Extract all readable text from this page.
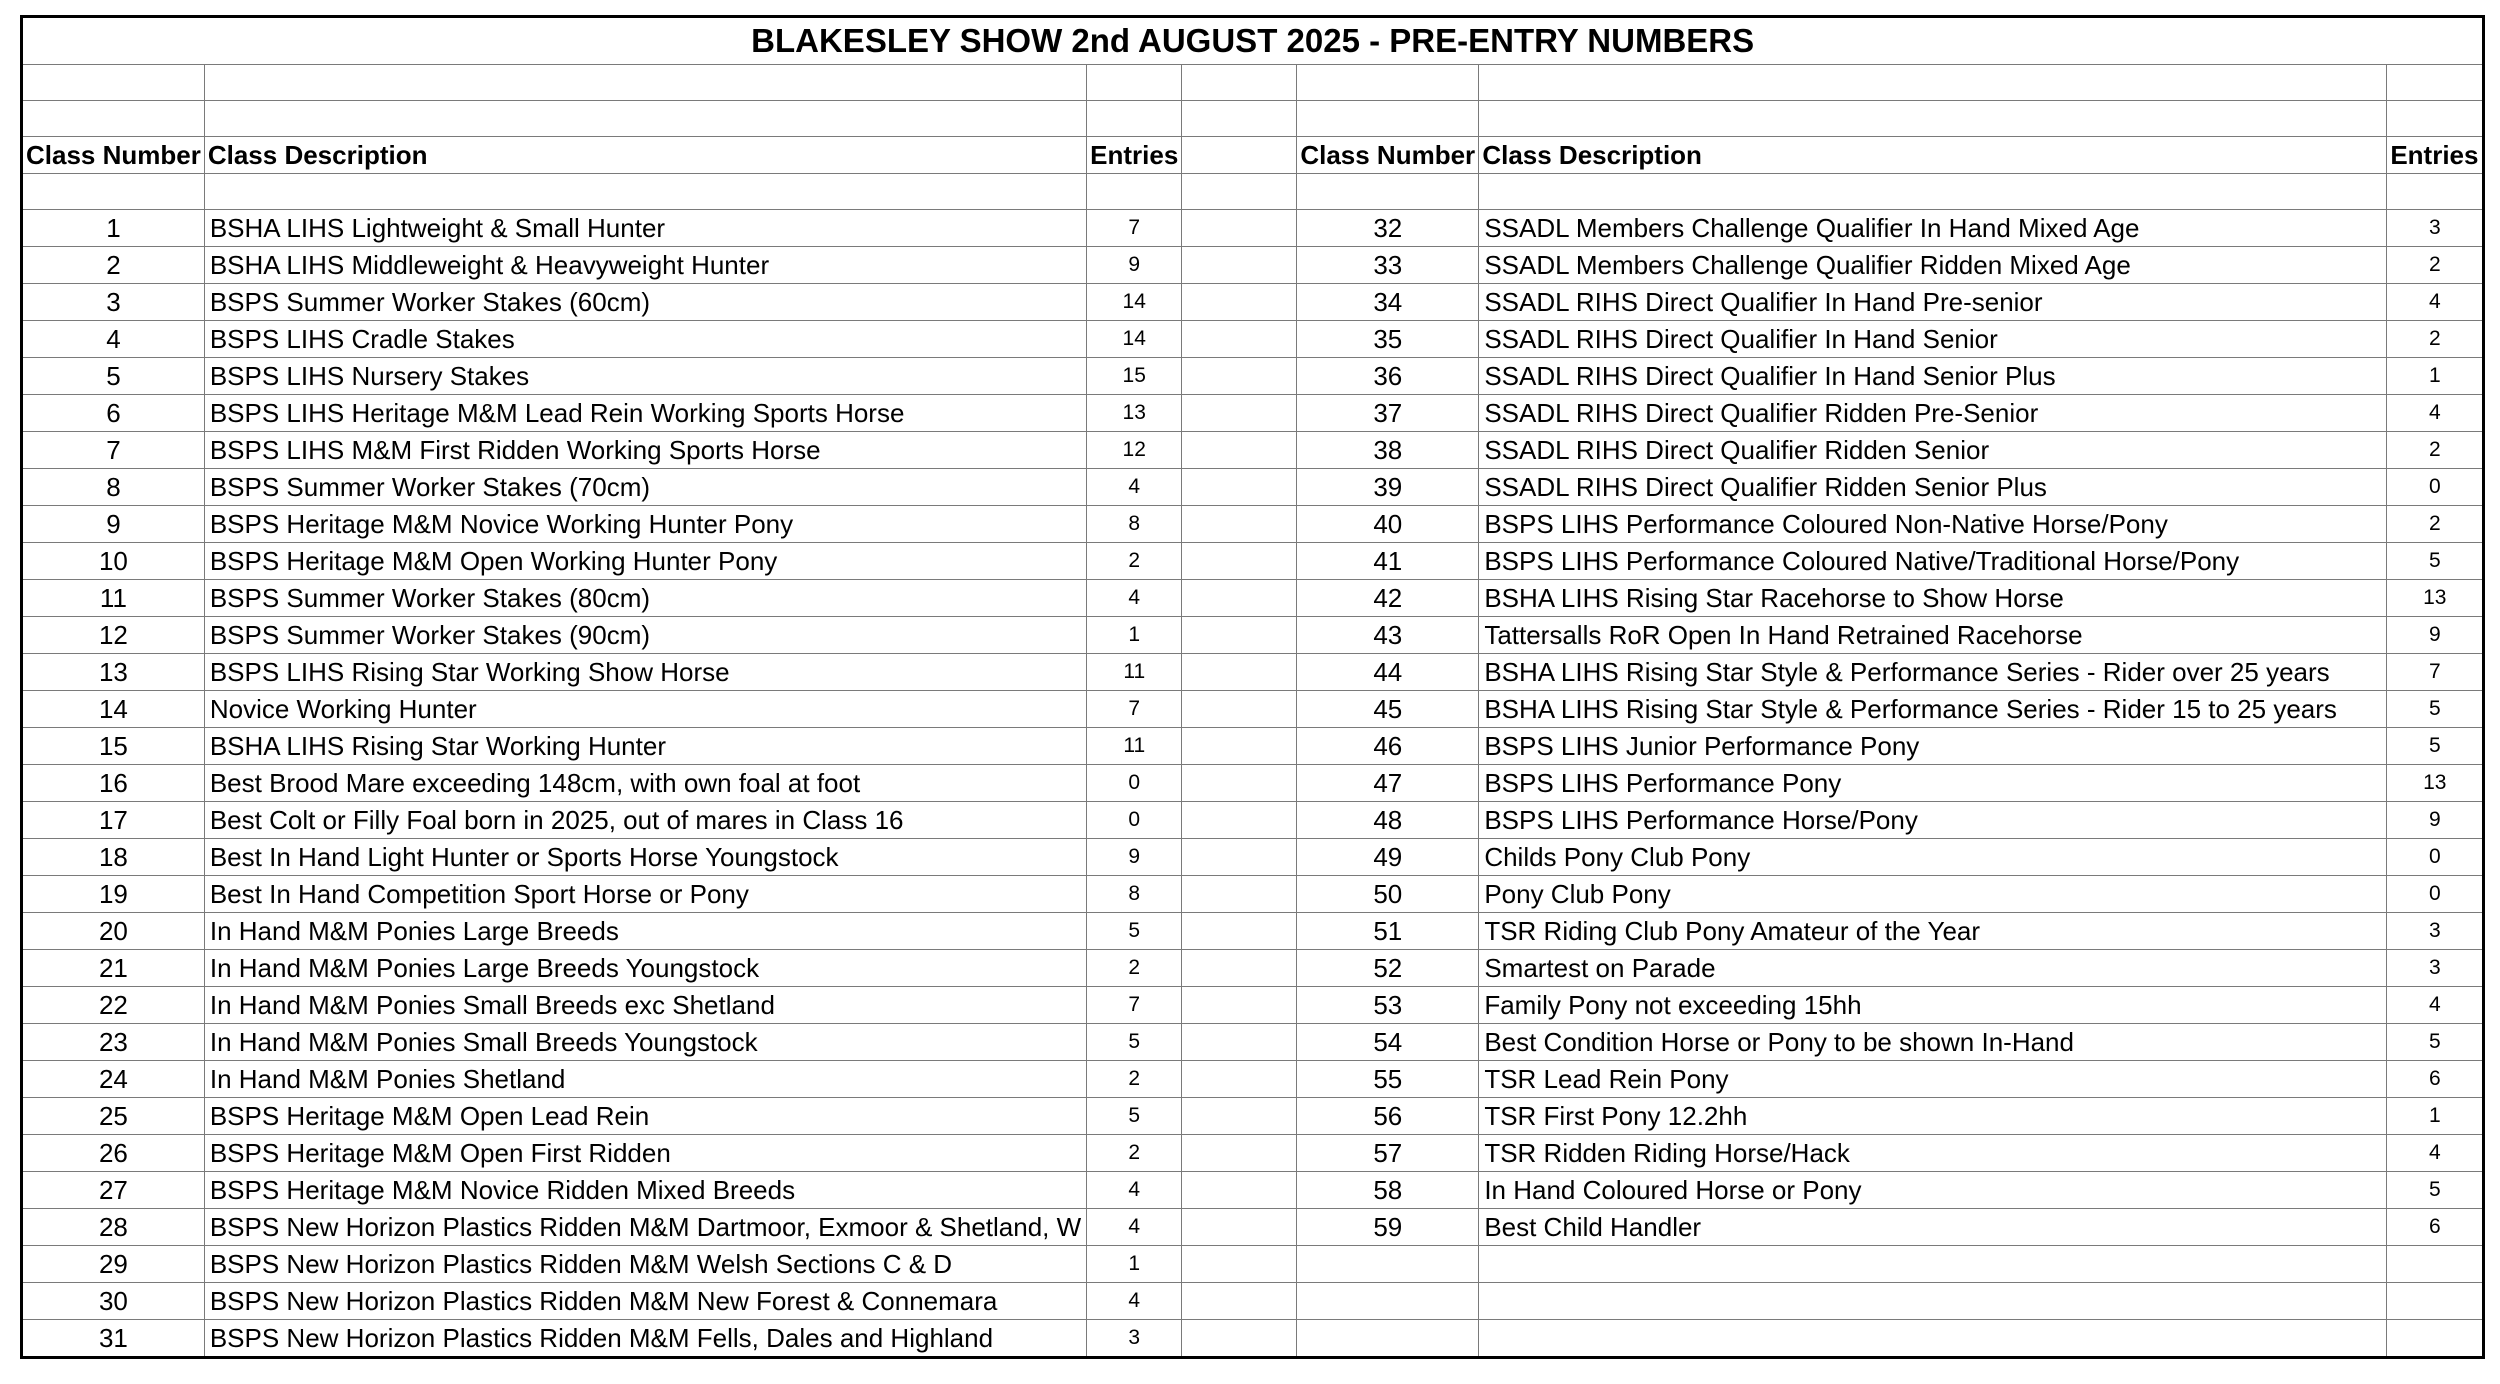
BLAKESLEY SHOW 2nd AUGUST 2025 - PRE-ENTRY NUMBERS						

Class Number	Class Description	Entries		Class Number	Class Description	Entries

1	BSHA LIHS Lightweight & Small Hunter	7		32	SSADL Members Challenge Qualifier In Hand Mixed Age	3
2	BSHA LIHS Middleweight & Heavyweight Hunter	9		33	SSADL Members Challenge Qualifier Ridden Mixed Age	2
3	BSPS Summer Worker Stakes (60cm)	14		34	SSADL RIHS Direct Qualifier In Hand Pre-senior	4
4	BSPS LIHS Cradle Stakes	14		35	SSADL RIHS Direct Qualifier In Hand Senior	2
5	BSPS LIHS Nursery Stakes	15		36	SSADL RIHS Direct Qualifier In Hand Senior Plus	1
6	BSPS LIHS Heritage M&M Lead Rein Working Sports Horse	13		37	SSADL RIHS Direct Qualifier Ridden Pre-Senior	4
7	BSPS LIHS M&M First Ridden Working Sports Horse	12		38	SSADL RIHS Direct Qualifier Ridden Senior	2
8	BSPS Summer Worker Stakes (70cm)	4		39	SSADL RIHS Direct Qualifier Ridden Senior Plus	0
9	BSPS Heritage M&M Novice Working Hunter Pony	8		40	BSPS LIHS Performance Coloured Non-Native Horse/Pony	2
10	BSPS Heritage M&M Open Working Hunter Pony	2		41	BSPS LIHS Performance Coloured Native/Traditional Horse/Pony	5
11	BSPS Summer Worker Stakes (80cm)	4		42	BSHA LIHS Rising Star Racehorse to Show Horse	13
12	BSPS Summer Worker Stakes (90cm)	1		43	Tattersalls RoR Open In Hand Retrained Racehorse	9
13	BSPS LIHS Rising Star Working Show Horse	11		44	BSHA LIHS Rising Star Style & Performance Series - Rider over 25 years	7
14	Novice Working Hunter	7		45	BSHA LIHS Rising Star Style & Performance Series - Rider 15 to 25 years	5
15	BSHA LIHS Rising Star Working Hunter	11		46	BSPS LIHS Junior Performance Pony	5
16	Best Brood Mare exceeding 148cm, with own foal at foot	0		47	BSPS LIHS Performance Pony	13
17	Best Colt or Filly Foal born in 2025, out of mares in Class 16	0		48	BSPS LIHS Performance Horse/Pony	9
18	Best In Hand Light Hunter or Sports Horse Youngstock	9		49	Childs Pony Club Pony	0
19	Best In Hand Competition Sport Horse or Pony	8		50	Pony Club Pony	0
20	In Hand M&M Ponies Large Breeds	5		51	TSR Riding Club Pony Amateur of the Year	3
21	In Hand M&M Ponies Large Breeds Youngstock	2		52	Smartest on Parade	3
22	In Hand M&M Ponies Small Breeds exc Shetland	7		53	Family Pony not exceeding 15hh	4
23	In Hand M&M Ponies Small Breeds Youngstock	5		54	Best Condition Horse or Pony to be shown In-Hand	5
24	In Hand M&M Ponies Shetland	2		55	TSR Lead Rein Pony	6
25	BSPS Heritage M&M Open Lead Rein	5		56	TSR First Pony 12.2hh	1
26	BSPS Heritage M&M Open First Ridden	2		57	TSR Ridden Riding Horse/Hack	4
27	BSPS Heritage M&M Novice Ridden Mixed Breeds	4		58	In Hand Coloured Horse or Pony	5
28	BSPS New Horizon Plastics Ridden M&M Dartmoor, Exmoor & Shetland, W	4		59	Best Child Handler	6
29	BSPS New Horizon Plastics Ridden M&M Welsh Sections C & D	1				
30	BSPS New Horizon Plastics Ridden M&M New Forest & Connemara	4				
31	BSPS New Horizon Plastics Ridden M&M Fells, Dales and Highland	3				
